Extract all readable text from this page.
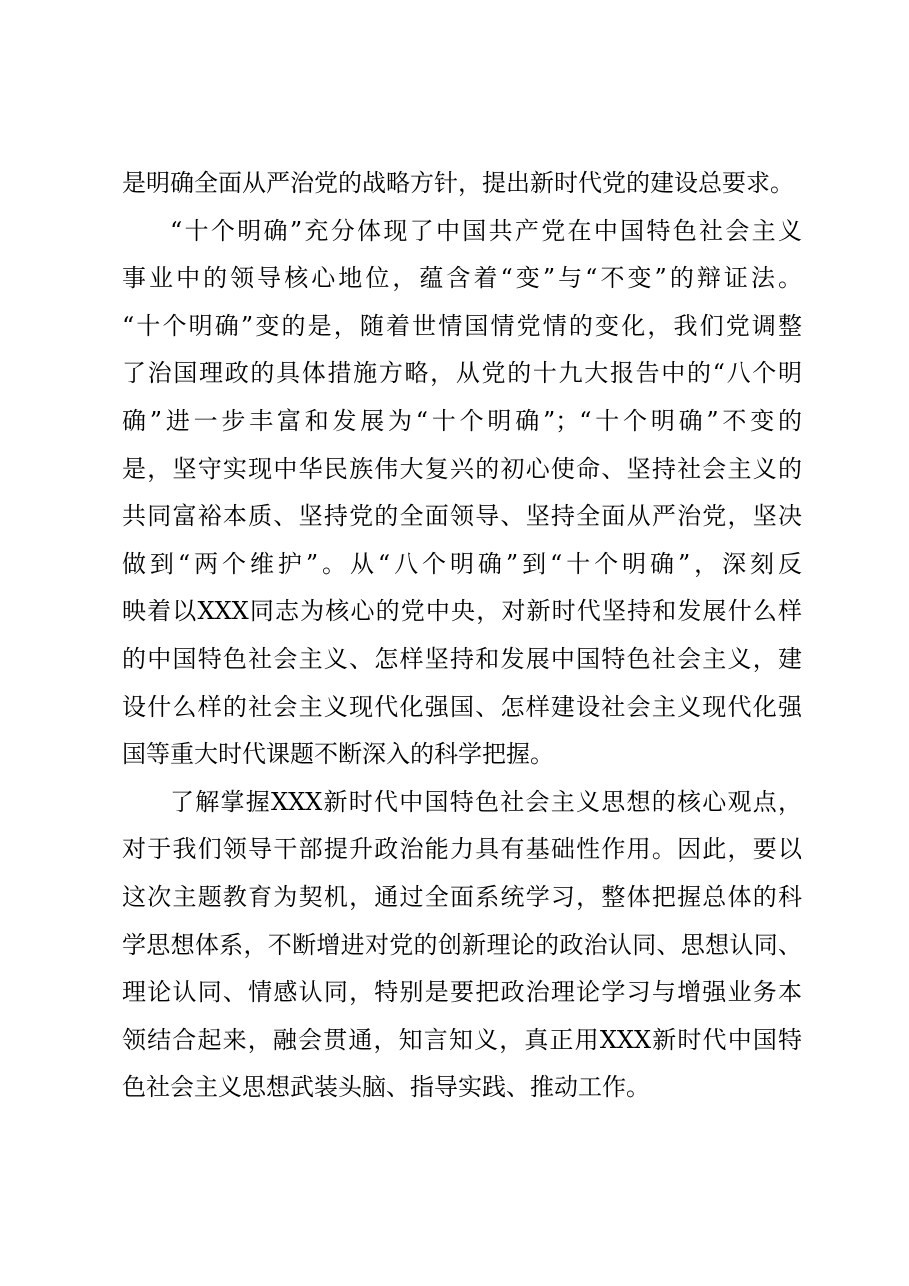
是明确全面从严治党的战略方针，提出新时代党的建设总要求。
“十个明确”充分体现了中国共产党在中国特色社会主义
事业中的领导核心地位，蕴含着“变”与“不变”的辩证法。
“十个明确”变的是，随着世情国情党情的变化，我们党调整
了治国理政的具体措施方略，从党的十九大报告中的“八个明
确”进一步丰富和发展为“十个明确”；“十个明确”不变的
是，坚守实现中华民族伟大复兴的初心使命、坚持社会主义的
共同富裕本质、坚持党的全面领导、坚持全面从严治党，坚决
做到“两个维护”。从“八个明确”到“十个明确”，深刻反
映着以XXX同志为核心的党中央，对新时代坚持和发展什么样
的中国特色社会主义、怎样坚持和发展中国特色社会主义，建
设什么样的社会主义现代化强国、怎样建设社会主义现代化强
国等重大时代课题不断深入的科学把握。
了解掌握XXX新时代中国特色社会主义思想的核心观点，
对于我们领导干部提升政治能力具有基础性作用。因此，要以
这次主题教育为契机，通过全面系统学习，整体把握总体的科
学思想体系，不断增进对党的创新理论的政治认同、思想认同、
理论认同、情感认同，特别是要把政治理论学习与增强业务本
领结合起来，融会贯通，知言知义，真正用XXX新时代中国特
色社会主义思想武装头脑、指导实践、推动工作。
